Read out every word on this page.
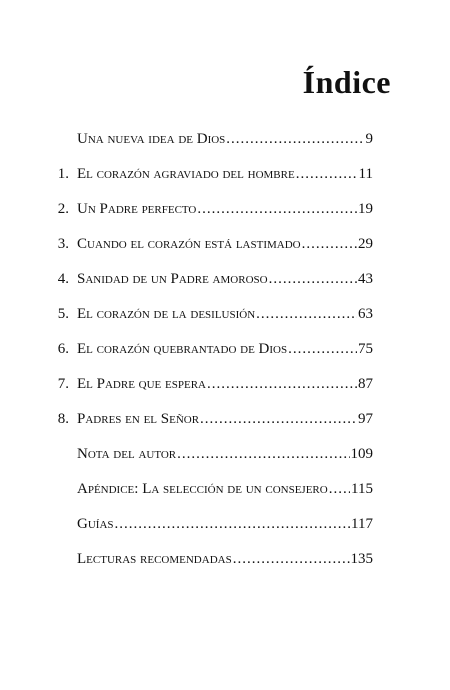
Índice
Una nueva idea de Dios .....	9
1. El corazón agraviado del hombre .....	11
2. Un Padre perfecto .....	19
3. Cuando el corazón está lastimado .....	29
4. Sanidad de un Padre amoroso .....	43
5. El corazón de la desilusión .....	63
6. El corazón quebrantado de Dios .....	75
7. El Padre que espera .....	87
8. Padres en el Señor .....	97
Nota del autor .....	109
Apéndice: La selección de un consejero ..... 115
Guías .....	117
Lecturas recomendadas .....	135
